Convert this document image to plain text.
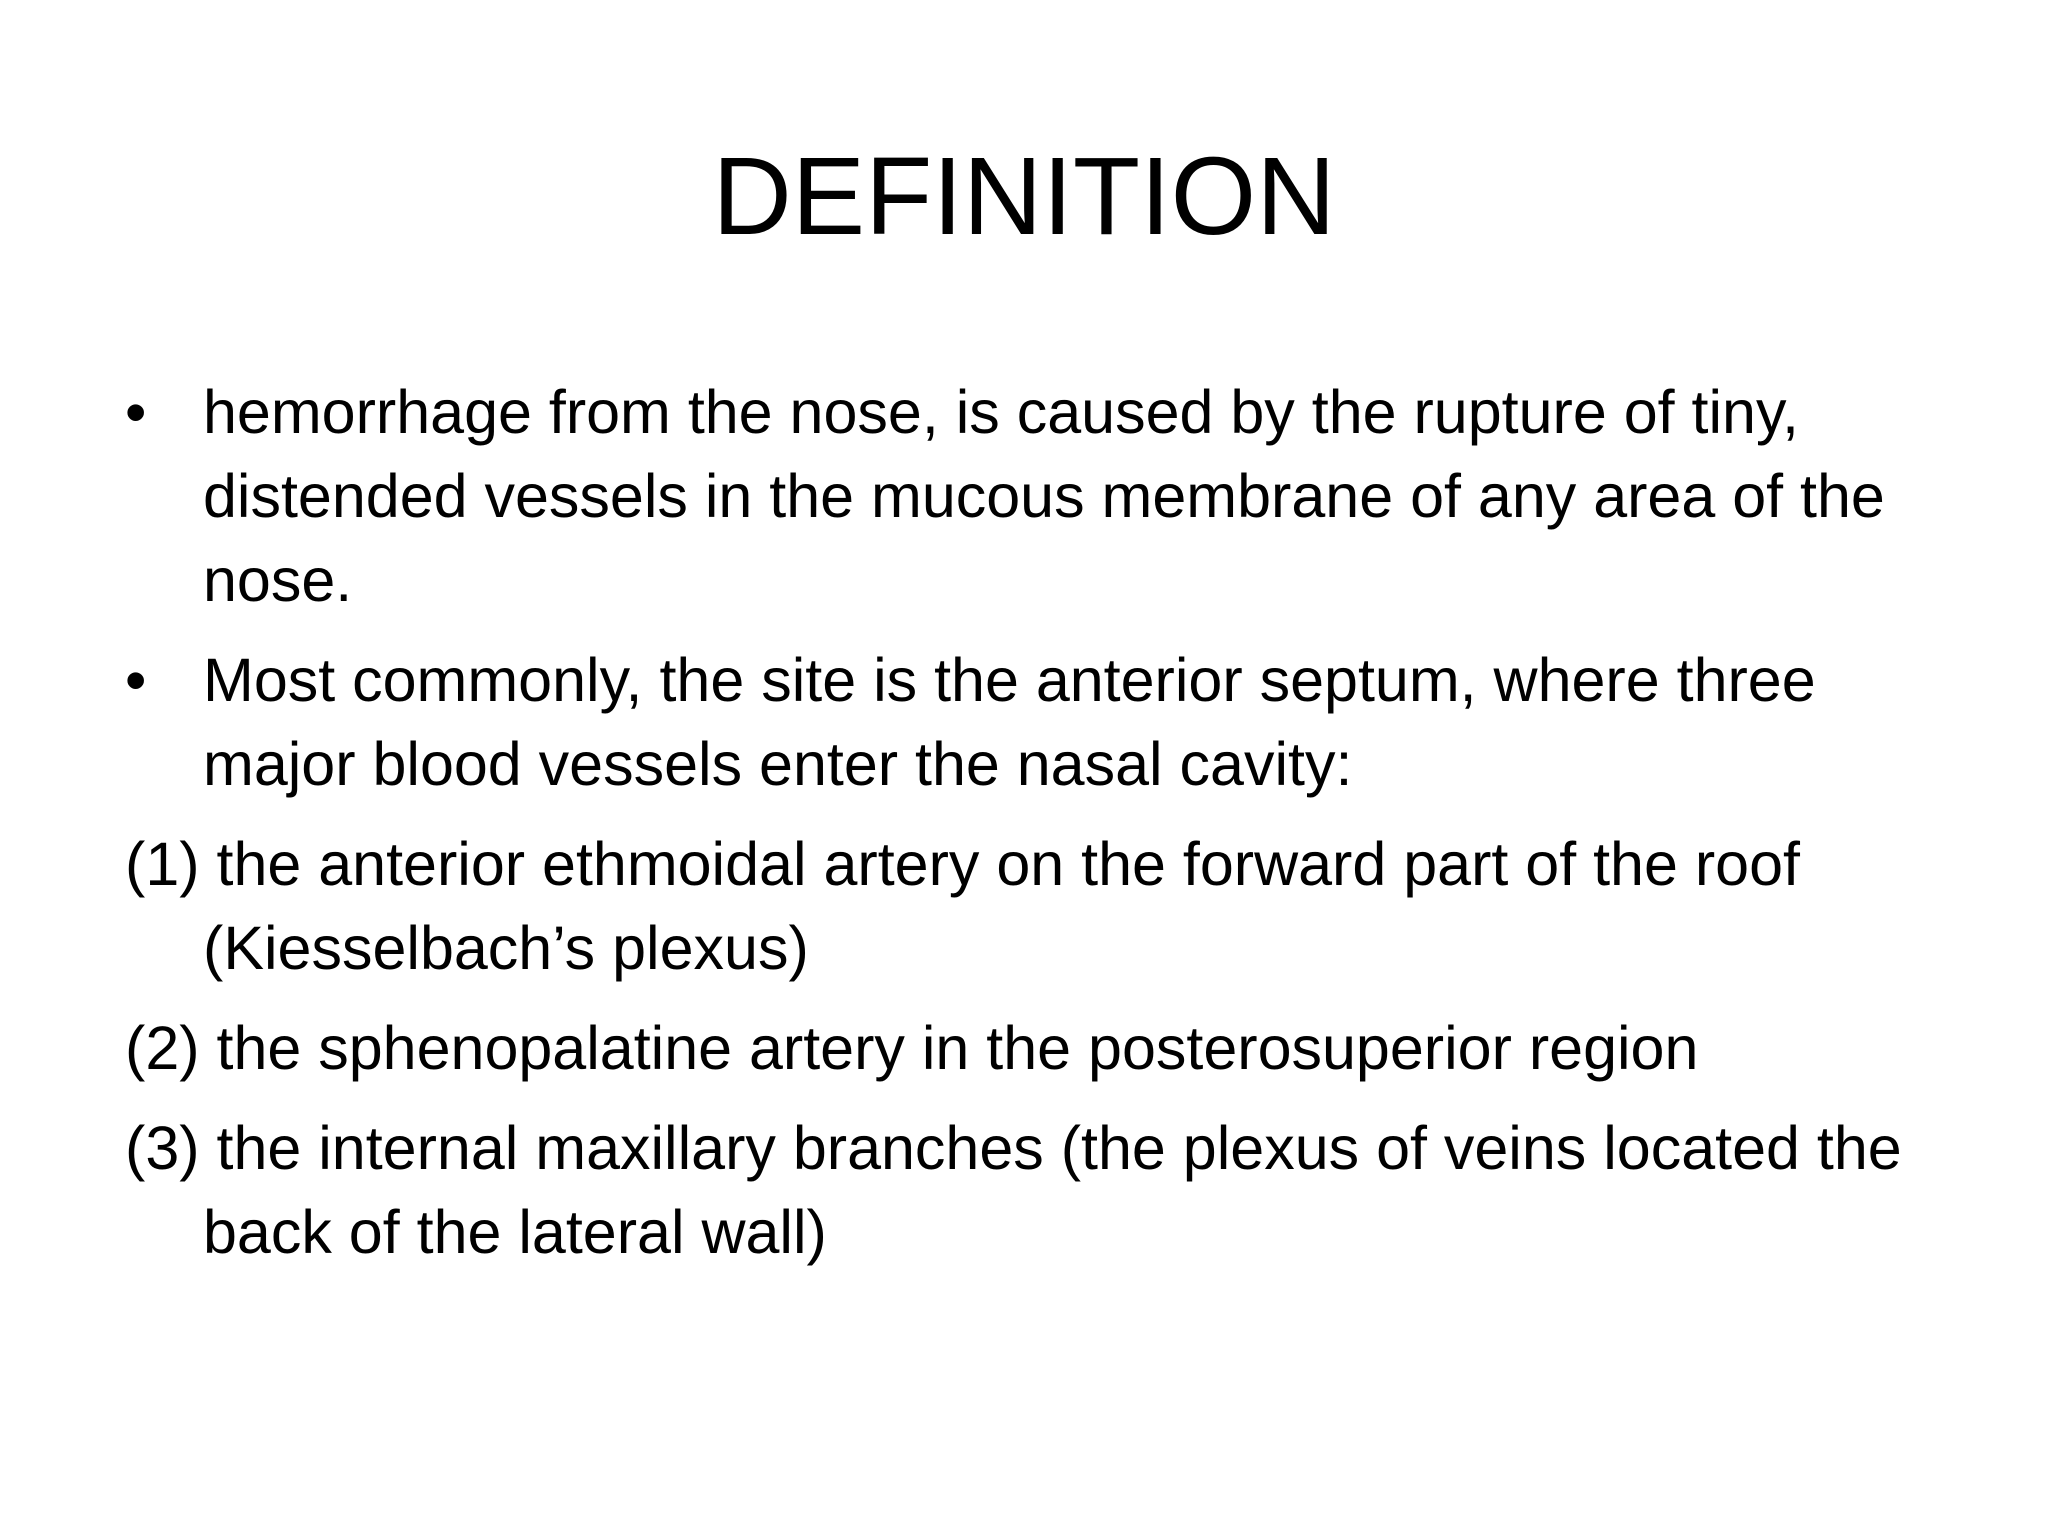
DEFINITION
• hemorrhage from the nose, is caused by the rupture of tiny, distended vessels in the mucous membrane of any area of the nose.
• Most commonly, the site is the anterior septum, where three major blood vessels enter the nasal cavity:
(1) the anterior ethmoidal artery on the forward part of the roof (Kiesselbach’s plexus)
(2) the sphenopalatine artery in the posterosuperior region
(3) the internal maxillary branches (the plexus of veins located the back of the lateral wall)
